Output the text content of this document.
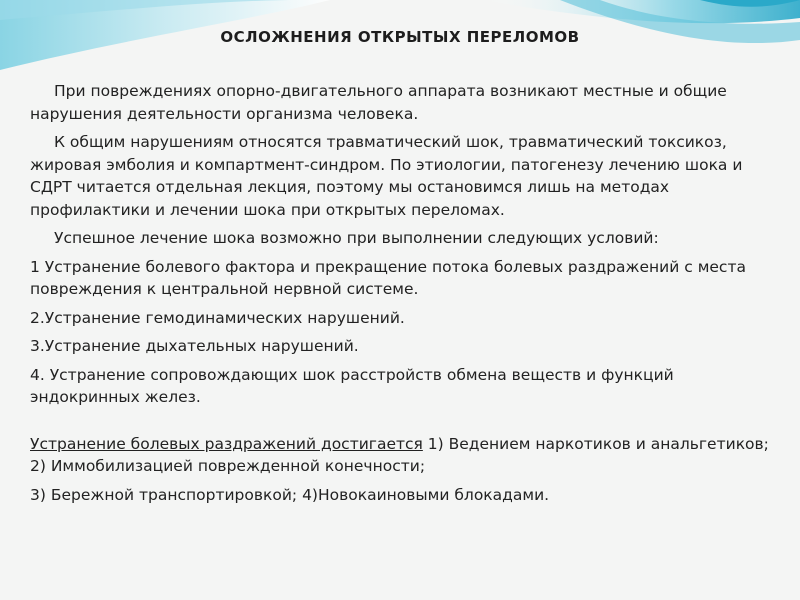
ОСЛОЖНЕНИЯ ОТКРЫТЫХ ПЕРЕЛОМОВ

При повреждениях опорно-двигательного аппарата возникают местные и общие нарушения деятельности организма человека.

К общим нарушениям относятся травматический шок, травматический токсикоз, жировая эмболия и компартмент-синдром. По этиологии, патогенезу лечению шока и СДРТ читается отдельная лекция, поэтому мы остановимся лишь на методах профилактики и лечении шока при открытых переломах.

Успешное лечение шока возможно при выполнении следующих условий:

1 Устранение болевого фактора и прекращение потока болевых раздражений с места повреждения к центральной нервной системе.

2.Устранение гемодинамических нарушений.

3.Устранение дыхательных нарушений.

4. Устранение сопровождающих шок расстройств обмена веществ и функций эндокринных желез.

Устранение болевых раздражений достигается 1) Ведением наркотиков и анальгетиков; 2) Иммобилизацией поврежденной конечности;

3) Бережной транспортировкой; 4)Новокаиновыми блокадами.
